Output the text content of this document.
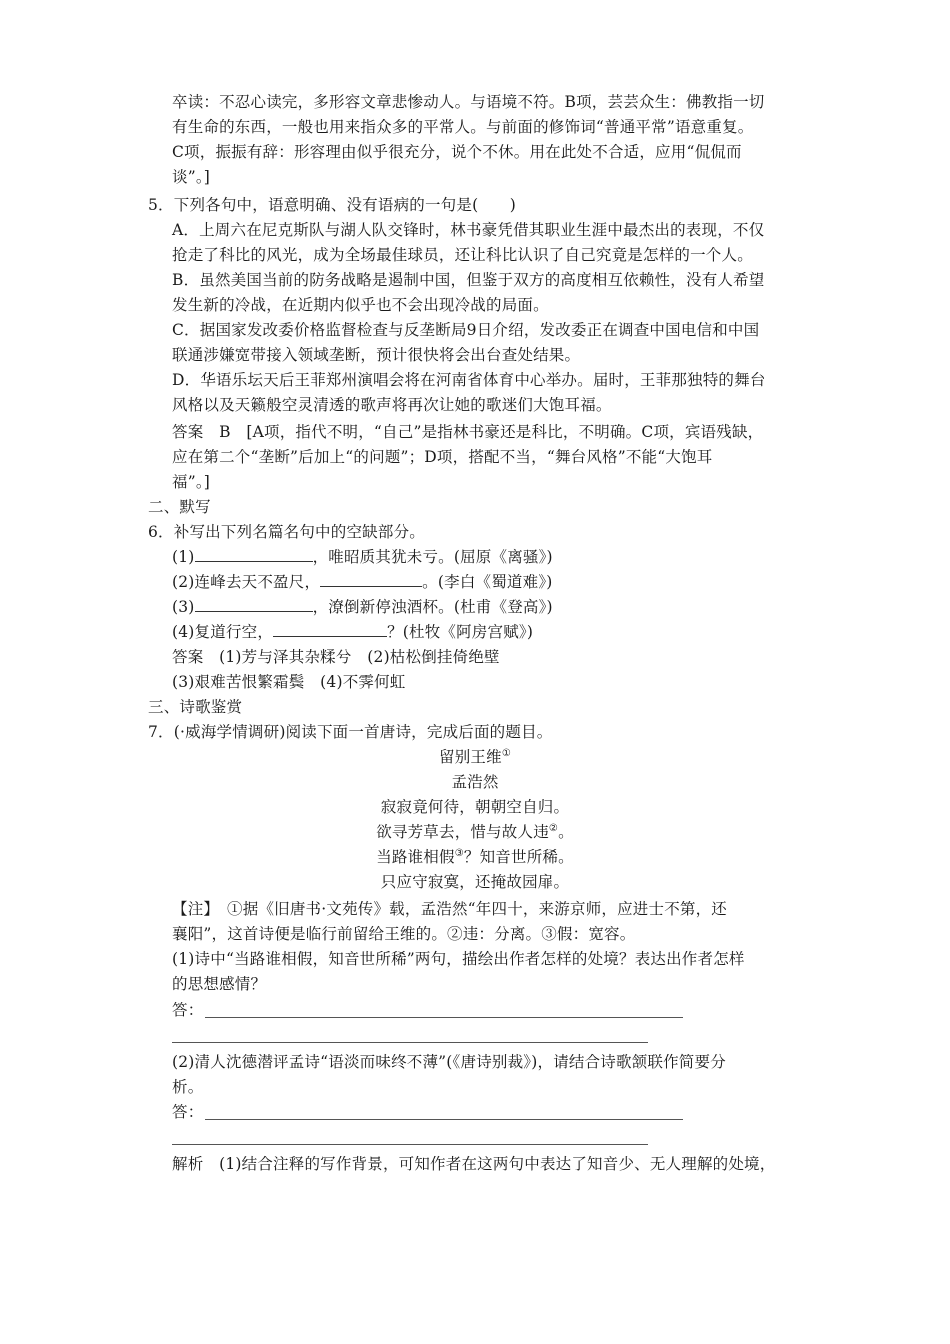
卒读：不忍心读完，多形容文章悲惨动人。与语境不符。B项，芸芸众生：佛教指一切
有生命的东西，一般也用来指众多的平常人。与前面的修饰词“普通平常”语意重复。
C项，振振有辞：形容理由似乎很充分，说个不休。用在此处不合适，应用“侃侃而
谈”。]
5．下列各句中，语意明确、没有语病的一句是(　　)
A．上周六在尼克斯队与湖人队交锋时，林书豪凭借其职业生涯中最杰出的表现，不仅
抢走了科比的风光，成为全场最佳球员，还让科比认识了自己究竟是怎样的一个人。
B．虽然美国当前的防务战略是遏制中国，但鉴于双方的高度相互依赖性，没有人希望
发生新的冷战，在近期内似乎也不会出现冷战的局面。
C．据国家发改委价格监督检查与反垄断局9日介绍，发改委正在调查中国电信和中国
联通涉嫌宽带接入领域垄断，预计很快将会出台查处结果。
D．华语乐坛天后王菲郑州演唱会将在河南省体育中心举办。届时，王菲那独特的舞台
风格以及天籁般空灵清透的歌声将再次让她的歌迷们大饱耳福。
答案　B　[A项，指代不明，“自己”是指林书豪还是科比，不明确。C项，宾语残缺，
应在第二个“垄断”后加上“的问题”；D项，搭配不当，“舞台风格”不能“大饱耳
福”。]
二、默写
6．补写出下列名篇名句中的空缺部分。
(1)	，唯昭质其犹未亏。(屈原《离骚》)
(2)连峰去天不盈尺，	。(李白《蜀道难》)
(3)	，潦倒新停浊酒杯。(杜甫《登高》)
(4)复道行空，	？(杜牧《阿房宫赋》)
答案　(1)芳与泽其杂糅兮　(2)枯松倒挂倚绝壁
(3)艰难苦恨繁霜鬓　(4)不霁何虹
三、诗歌鉴赏
7．(·威海学情调研)阅读下面一首唐诗，完成后面的题目。
留别王维①
孟浩然
寂寂竟何待，朝朝空自归。
欲寻芳草去，惜与故人违②。
当路谁相假③？知音世所稀。
只应守寂寞，还掩故园扉。
【注】　①据《旧唐书·文苑传》载，孟浩然“年四十，来游京师，应进士不第，还
襄阳”，这首诗便是临行前留给王维的。②违：分离。③假：宽容。
(1)诗中“当路谁相假，知音世所稀”两句，描绘出作者怎样的处境？表达出作者怎样
的思想感情？
答：
(2)清人沈德潜评孟诗“语淡而味终不薄”(《唐诗别裁》)，请结合诗歌颔联作简要分
析。
答：
解析　(1)结合注释的写作背景，可知作者在这两句中表达了知音少、无人理解的处境，
